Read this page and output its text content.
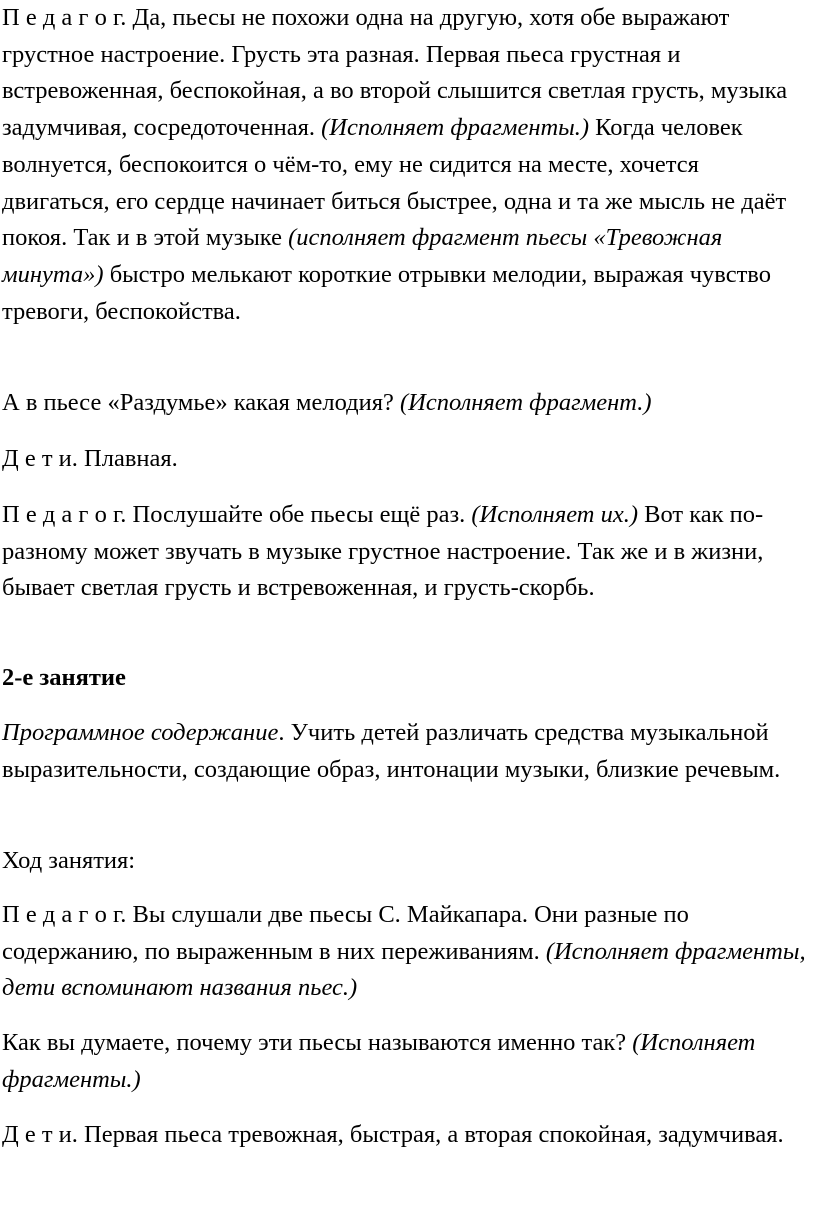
П е д а г о г. Да, пьесы не похожи одна на другую, хотя обе выражают грустное настроение. Грусть эта разная. Первая пьеса грустная и встревоженная, беспокойная, а во второй слышится светлая грусть, музыка задумчивая, сосредоточенная. (Исполняет фрагменты.) Когда человек волнуется, беспокоится о чём-то, ему не сидится на месте, хочется двигаться, его сердце начинает биться быстрее, одна и та же мысль не даёт покоя. Так и в этой музыке (исполняет фрагмент пьесы «Тревожная минута») быстро мелькают короткие отрывки мелодии, выражая чувство тревоги, беспокойства.

А в пьесе «Раздумье» какая мелодия? (Исполняет фрагмент.)

Д е т и. Плавная.

П е д а г о г. Послушайте обе пьесы ещё раз. (Исполняет их.) Вот как по-разному может звучать в музыке грустное настроение. Так же и в жизни, бывает светлая грусть и встревоженная, и грусть-скорбь.

2-е занятие

Программное содержание. Учить детей различать средства музыкальной выразительности, создающие образ, интонации музыки, близкие речевым.

Ход занятия:

П е д а г о г. Вы слушали две пьесы С. Майкапара. Они разные по содержанию, по выраженным в них переживаниям. (Исполняет фрагменты, дети вспоминают названия пьес.)

Как вы думаете, почему эти пьесы называются именно так? (Исполняет фрагменты.)

Д е т и. Первая пьеса тревожная, быстрая, а вторая спокойная, задумчивая.
